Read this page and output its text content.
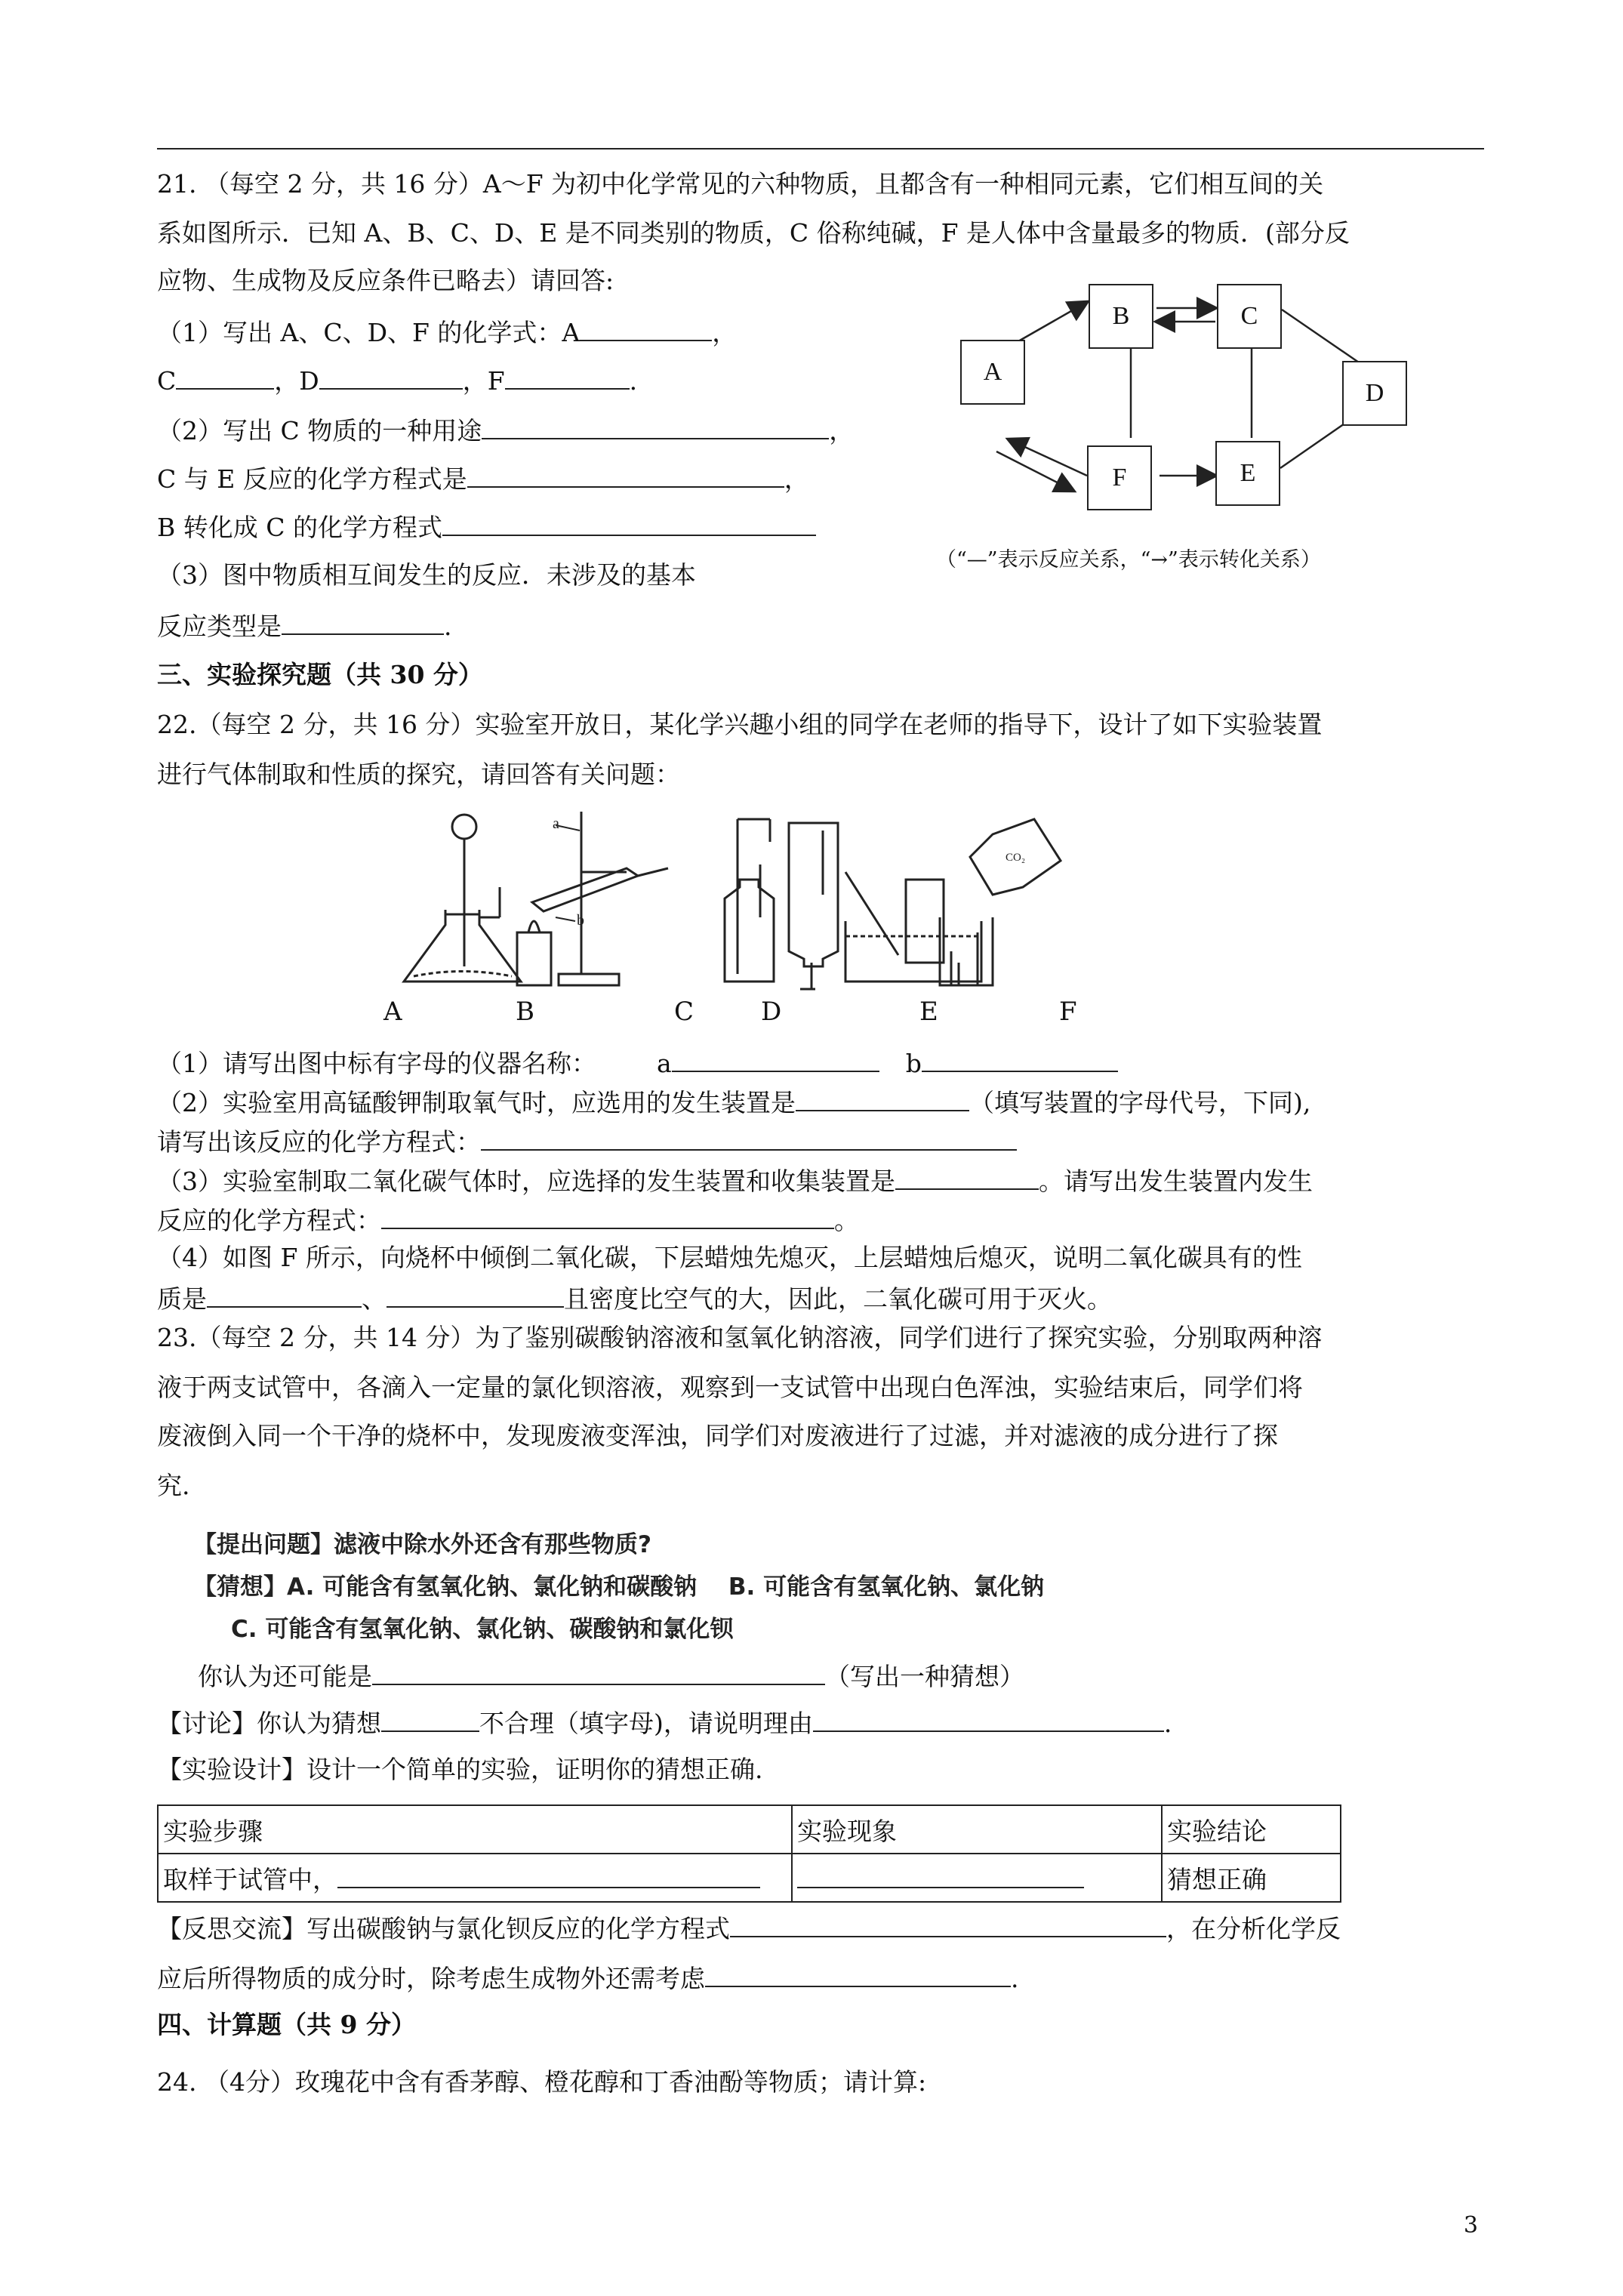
21. （每空 2 分，共 16 分）A～F 为初中化学常见的六种物质，且都含有一种相同元素，它们相互间的关
系如图所示．已知 A、B、C、D、E 是不同类别的物质，C 俗称纯碱，F 是人体中含量最多的物质．(部分反
应物、生成物及反应条件已略去）请回答:
（1）写出 A、C、D、F 的化学式：A	，
C	，D	，F	.
（2）写出 C 物质的一种用途	，
C 与 E 反应的化学方程式是	，
B 转化成 C 的化学方程式
（3）图中物质相互间发生的反应．未涉及的基本
反应类型是	.
A
B	C
D
E
F
（“—”表示反应关系，“→”表示转化关系）
三、实验探究题（共 30 分）
22.（每空 2 分，共 16 分）实验室开放日，某化学兴趣小组的同学在老师的指导下，设计了如下实验装置
进行气体制取和性质的探究，请回答有关问题：
a
b
CO₂
A	B	C	D	E	F
（1）请写出图中标有字母的仪器名称： a	b
（2）实验室用高锰酸钾制取氧气时，应选用的发生装置是	（填写装置的字母代号，下同),
请写出该反应的化学方程式：
（3）实验室制取二氧化碳气体时，应选择的发生装置和收集装置是	。请写出发生装置内发生
反应的化学方程式：	。
（4）如图 F 所示，向烧杯中倾倒二氧化碳，下层蜡烛先熄灭，上层蜡烛后熄灭，说明二氧化碳具有的性
质是	、	且密度比空气的大，因此，二氧化碳可用于灭火。
23.（每空 2 分，共 14 分）为了鉴别碳酸钠溶液和氢氧化钠溶液，同学们进行了探究实验，分别取两种溶
液于两支试管中，各滴入一定量的氯化钡溶液，观察到一支试管中出现白色浑浊，实验结束后，同学们将
废液倒入同一个干净的烧杯中，发现废液变浑浊，同学们对废液进行了过滤，并对滤液的成分进行了探
究.
【提出问题】滤液中除水外还含有那些物质?
【猜想】A. 可能含有氢氧化钠、氯化钠和碳酸钠　 B. 可能含有氢氧化钠、氯化钠
C. 可能含有氢氧化钠、氯化钠、碳酸钠和氯化钡
你认为还可能是	（写出一种猜想）
【讨论】你认为猜想	不合理（填字母)，请说明理由	.
【实验设计】设计一个简单的实验，证明你的猜想正确.
实验步骤	实验现象	实验结论
取样于试管中，		猜想正确
【反思交流】写出碳酸钠与氯化钡反应的化学方程式	，在分析化学反
应后所得物质的成分时，除考虑生成物外还需考虑	.
四、计算题（共 9 分）
24. （4分）玫瑰花中含有香茅醇、橙花醇和丁香油酚等物质；请计算:
3
